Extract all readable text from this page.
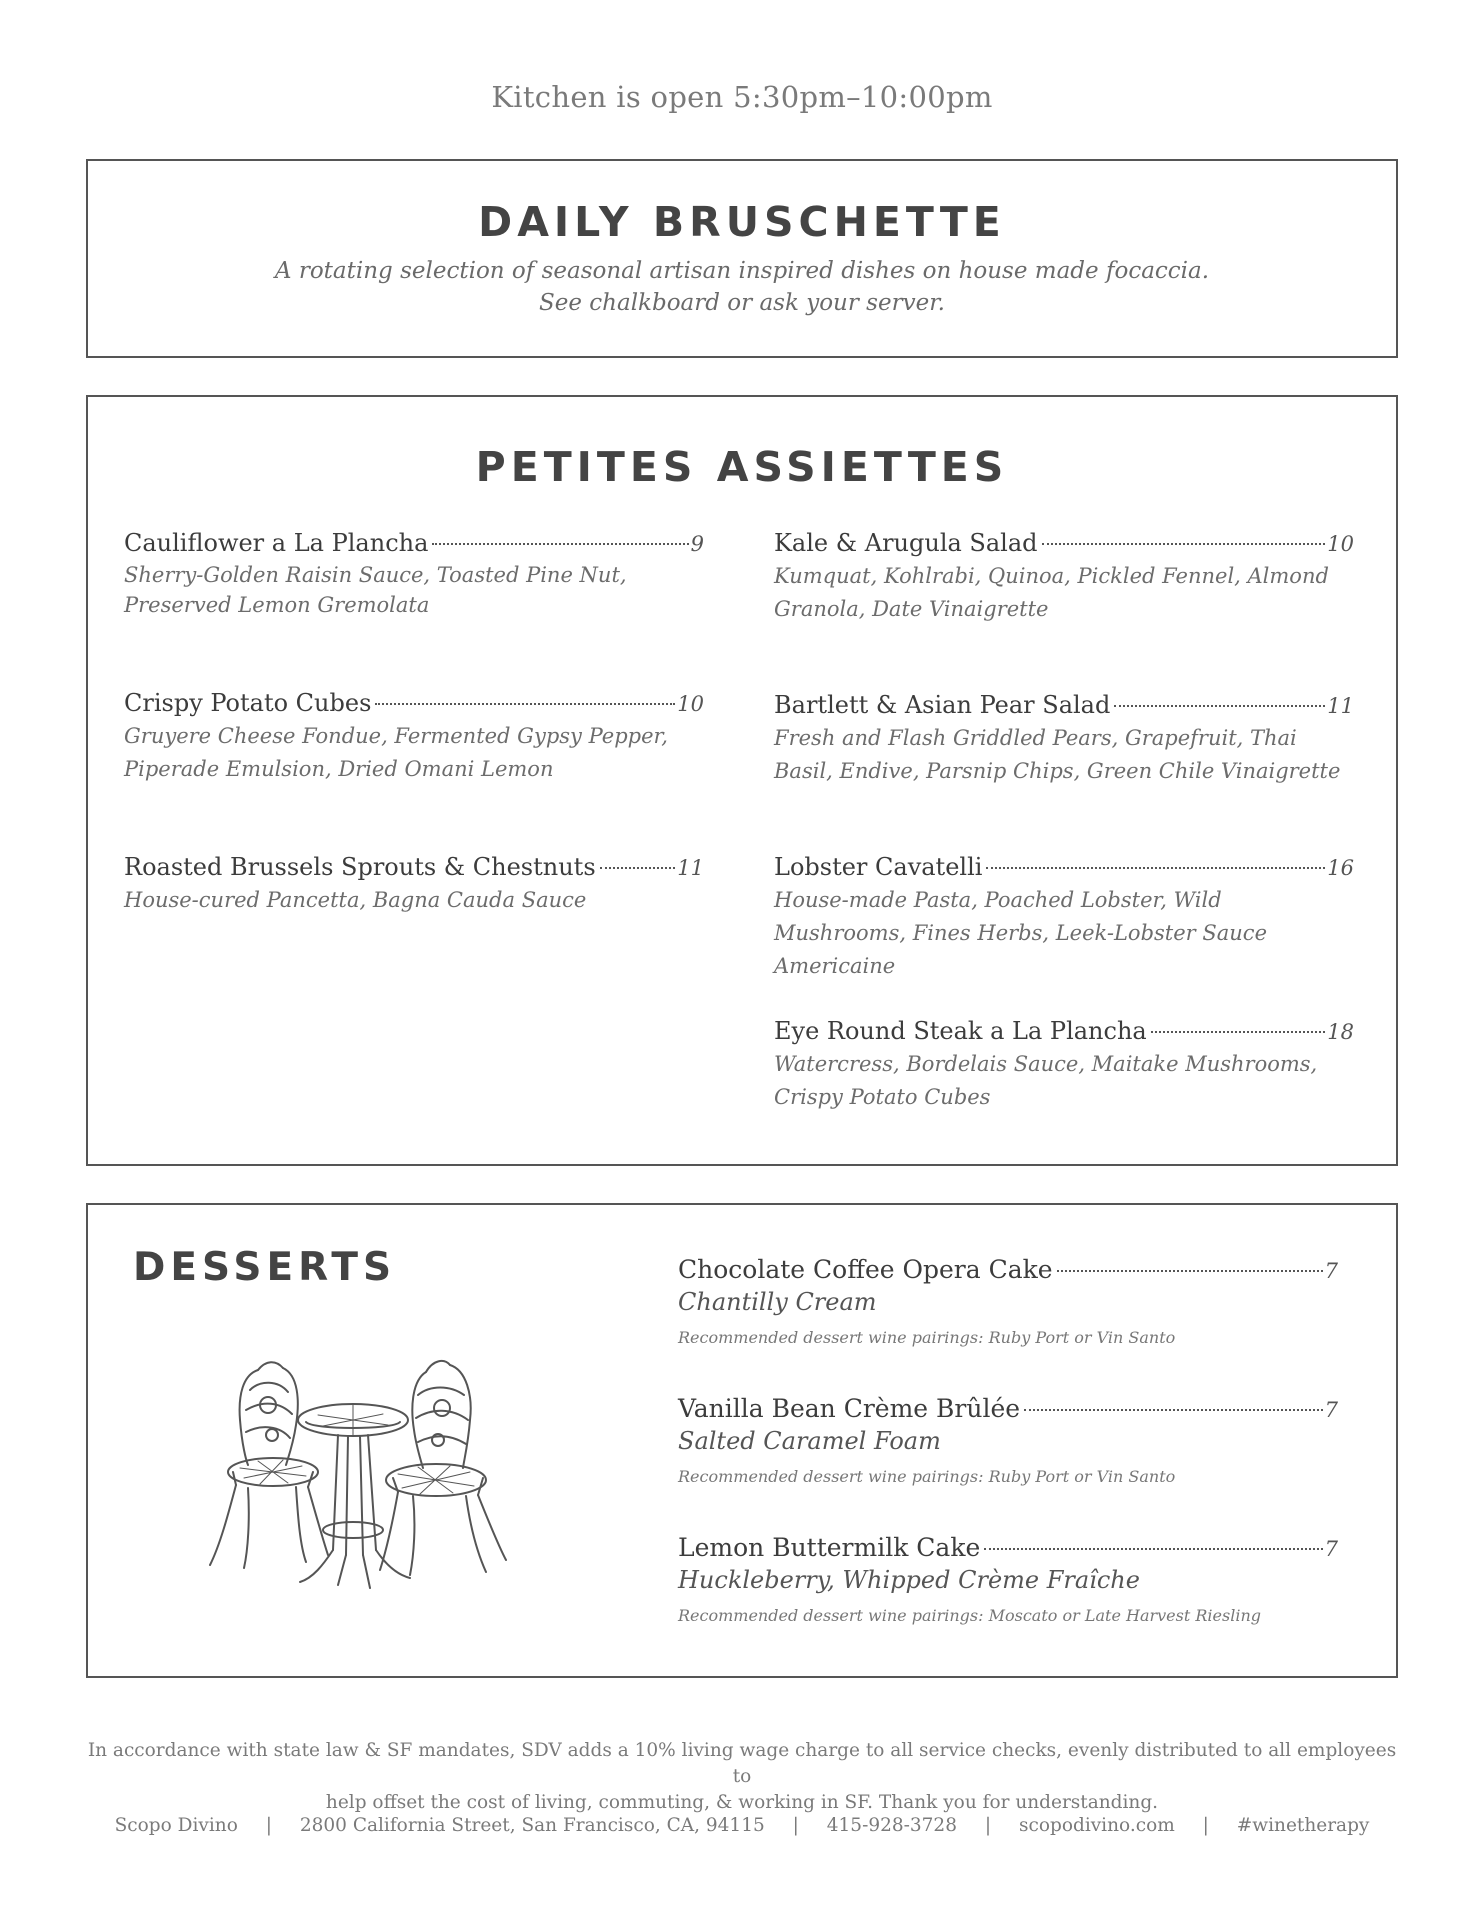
Kitchen is open 5:30pm–10:00pm
DAILY BRUSCHETTE
A rotating selection of seasonal artisan inspired dishes on house made focaccia.
See chalkboard or ask your server.
PETITES ASSIETTES
Cauliflower a La Plancha	9
Sherry-Golden Raisin Sauce, Toasted Pine Nut, Preserved Lemon Gremolata
Crispy Potato Cubes	10
Gruyere Cheese Fondue, Fermented Gypsy Pepper, Piperade Emulsion, Dried Omani Lemon
Roasted Brussels Sprouts & Chestnuts	11
House-cured Pancetta, Bagna Cauda Sauce
Kale & Arugula Salad	10
Kumquat, Kohlrabi, Quinoa, Pickled Fennel, Almond Granola, Date Vinaigrette
Bartlett & Asian Pear Salad	11
Fresh and Flash Griddled Pears, Grapefruit, Thai Basil, Endive, Parsnip Chips, Green Chile Vinaigrette
Lobster Cavatelli	16
House-made Pasta, Poached Lobster, Wild Mushrooms, Fines Herbs, Leek-Lobster Sauce Americaine
Eye Round Steak a La Plancha	18
Watercress, Bordelais Sauce, Maitake Mushrooms, Crispy Potato Cubes
DESSERTS	Chocolate Coffee Opera Cake	7
Chantilly Cream
Recommended dessert wine pairings: Ruby Port or Vin Santo
Vanilla Bean Crème Brûlée	7
Salted Caramel Foam
Recommended dessert wine pairings: Ruby Port or Vin Santo
Lemon Buttermilk Cake	7
Huckleberry, Whipped Crème Fraîche
Recommended dessert wine pairings: Moscato or Late Harvest Riesling
In accordance with state law & SF mandates, SDV adds a 10% living wage charge to all service checks, evenly distributed to all employees to
help offset the cost of living, commuting, & working in SF. Thank you for understanding.
Scopo Divino | 2800 California Street, San Francisco, CA, 94115 | 415-928-3728 | scopodivino.com | #winetherapy
